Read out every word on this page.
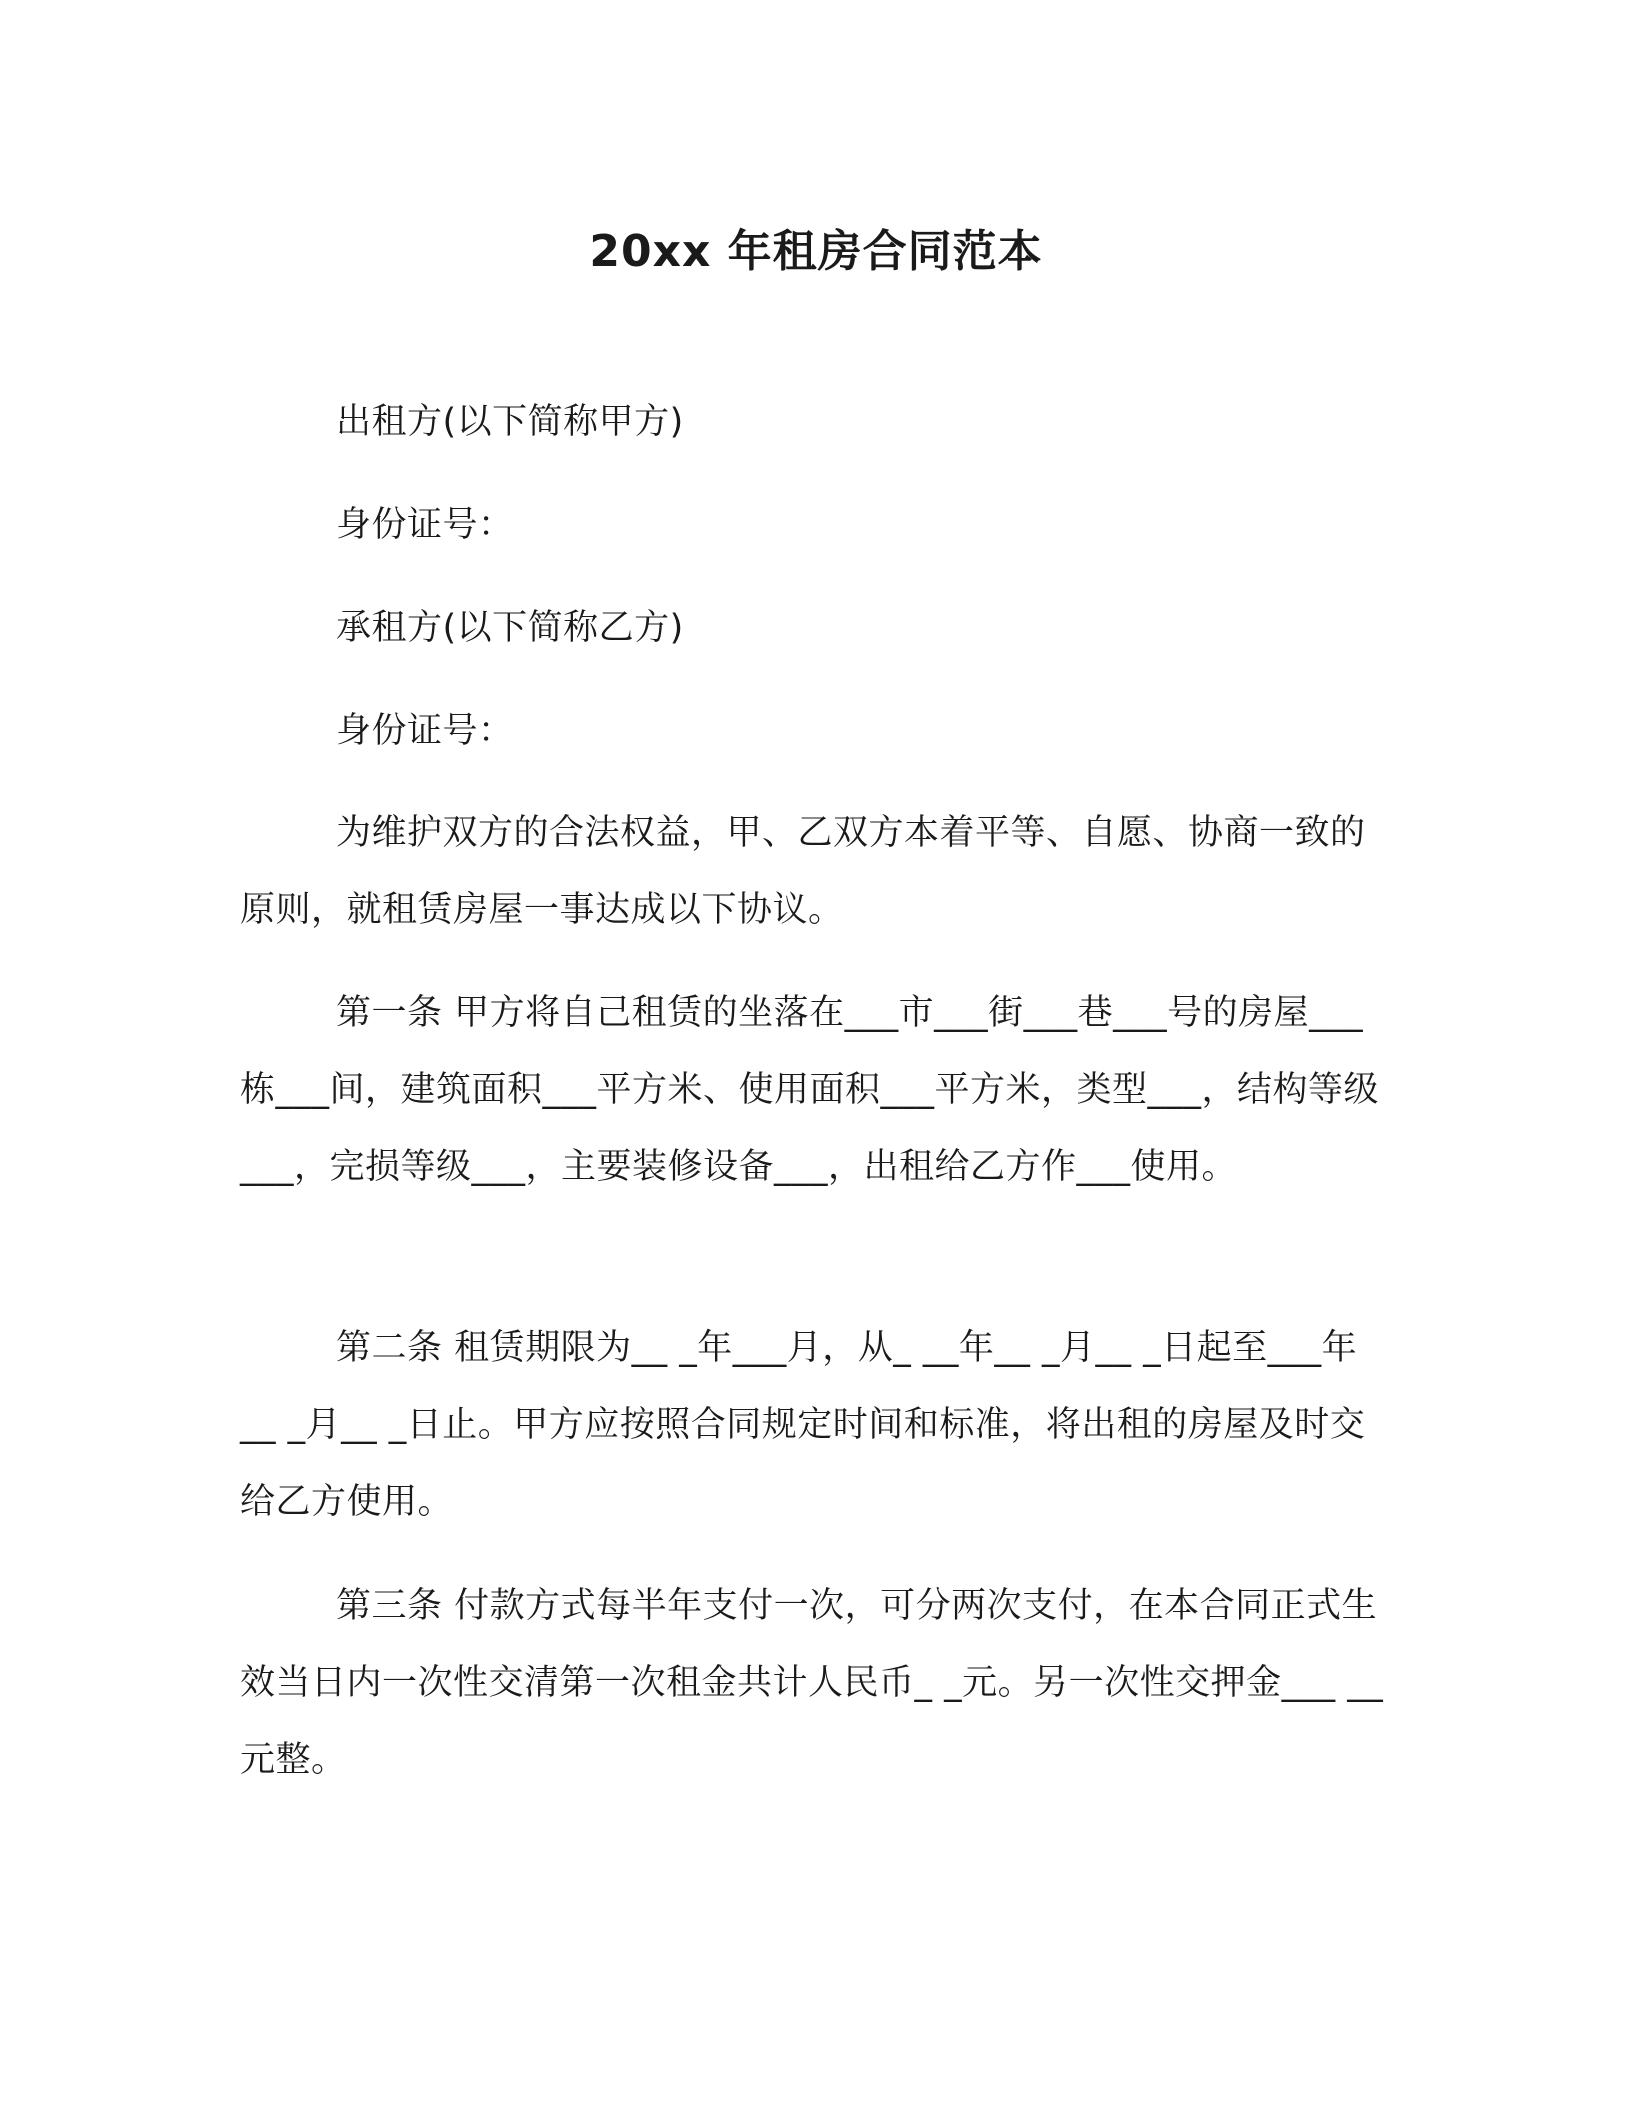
20xx 年租房合同范本

出租方(以下简称甲方)

身份证号：

承租方(以下简称乙方)

身份证号：

为维护双方的合法权益，甲、乙双方本着平等、自愿、协商一致的原则，就租赁房屋一事达成以下协议。

第一条 甲方将自己租赁的坐落在___市___街___巷___号的房屋___栋___间，建筑面积___平方米、使用面积___平方米，类型___，结构等级___，完损等级___，主要装修设备___，出租给乙方作___使用。

第二条 租赁期限为__ _年___月，从_ __年__ _月__ _日起至___年__ _月__ _日止。甲方应按照合同规定时间和标准，将出租的房屋及时交给乙方使用。

第三条 付款方式每半年支付一次，可分两次支付，在本合同正式生效当日内一次性交清第一次租金共计人民币_ _元。另一次性交押金___ __元整。
